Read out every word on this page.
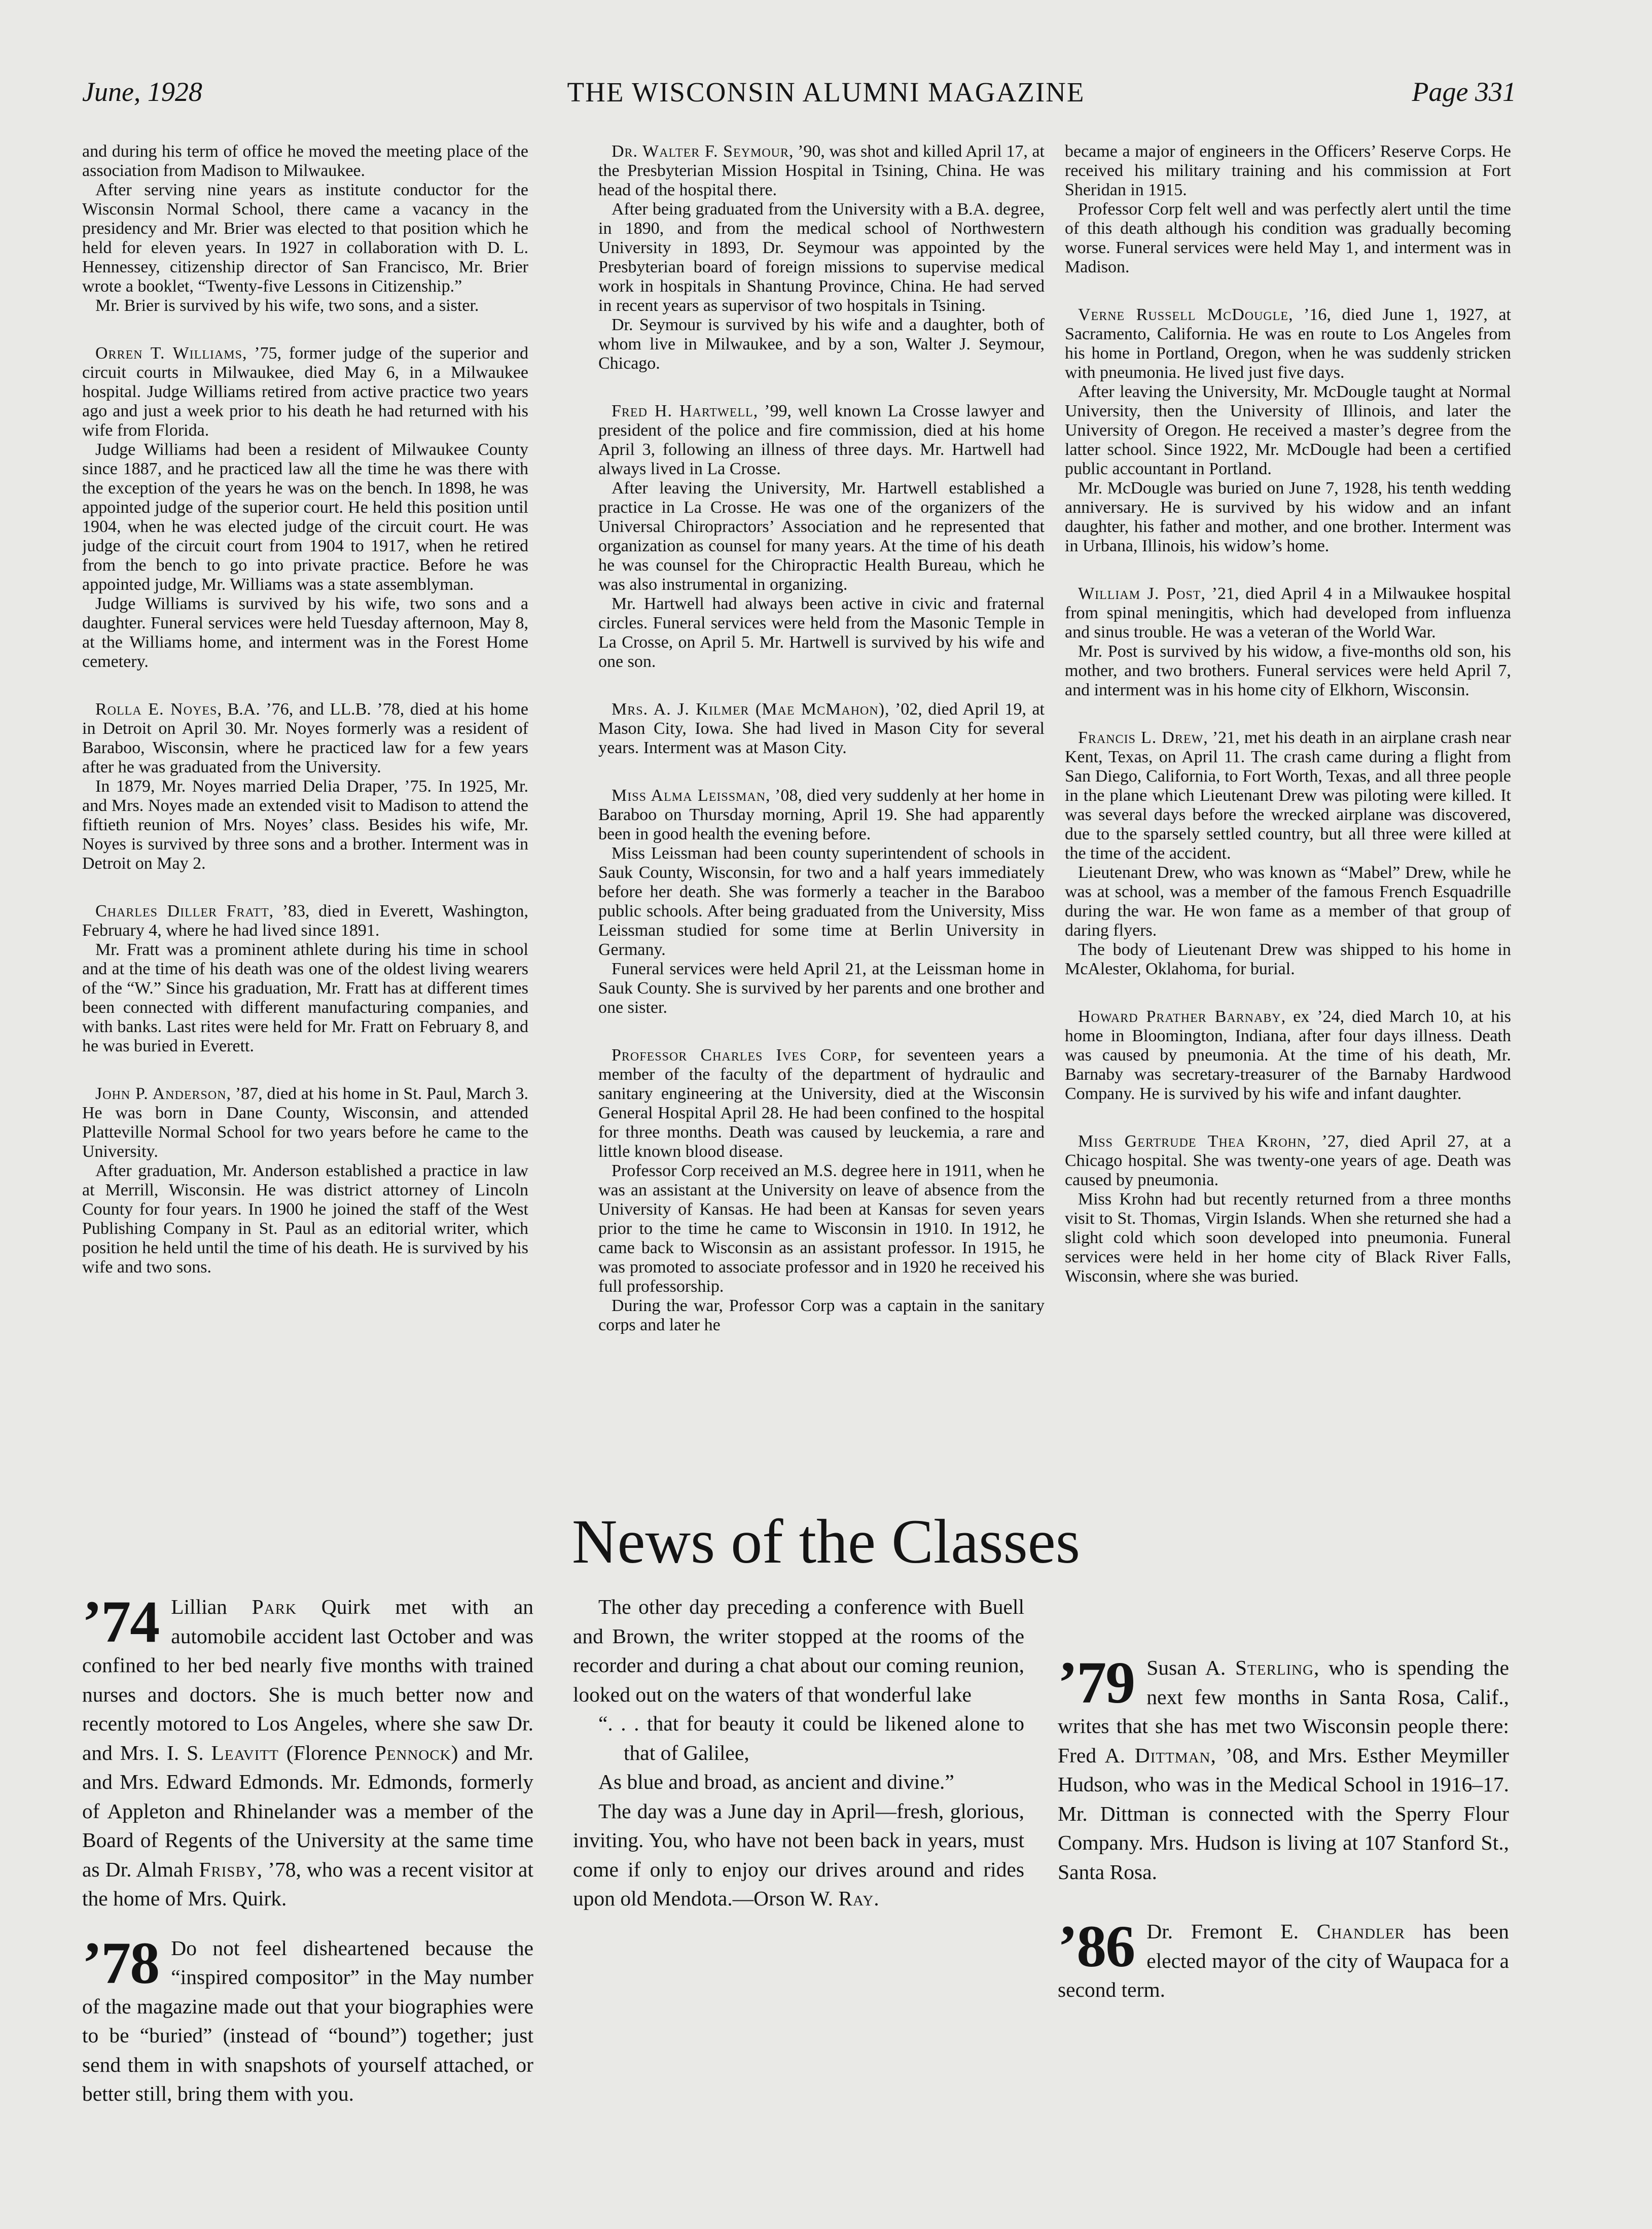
June, 1928	THE WISCONSIN ALUMNI MAGAZINE	Page 331

and during his term of office he moved the meeting place of the association from Madison to Milwaukee.

After serving nine years as institute conductor for the Wisconsin Normal School, there came a vacancy in the presidency and Mr. Brier was elected to that position which he held for eleven years. In 1927 in collaboration with D. L. Hennessey, citizenship director of San Francisco, Mr. Brier wrote a booklet, “Twenty-five Lessons in Citizenship.”

Mr. Brier is survived by his wife, two sons, and a sister.

Orren T. Williams, ’75, former judge of the superior and circuit courts in Milwaukee, died May 6, in a Milwaukee hospital. Judge Williams retired from active practice two years ago and just a week prior to his death he had returned with his wife from Florida.

Judge Williams had been a resident of Milwaukee County since 1887, and he practiced law all the time he was there with the exception of the years he was on the bench. In 1898, he was appointed judge of the superior court. He held this position until 1904, when he was elected judge of the circuit court. He was judge of the circuit court from 1904 to 1917, when he retired from the bench to go into private practice. Before he was appointed judge, Mr. Williams was a state assemblyman.

Judge Williams is survived by his wife, two sons and a daughter. Funeral services were held Tuesday afternoon, May 8, at the Williams home, and interment was in the Forest Home cemetery.

Rolla E. Noyes, B.A. ’76, and LL.B. ’78, died at his home in Detroit on April 30. Mr. Noyes formerly was a resident of Baraboo, Wisconsin, where he practiced law for a few years after he was graduated from the University.

In 1879, Mr. Noyes married Delia Draper, ’75. In 1925, Mr. and Mrs. Noyes made an extended visit to Madison to attend the fiftieth reunion of Mrs. Noyes’ class. Besides his wife, Mr. Noyes is survived by three sons and a brother. Interment was in Detroit on May 2.

Charles Diller Fratt, ’83, died in Everett, Washington, February 4, where he had lived since 1891.

Mr. Fratt was a prominent athlete during his time in school and at the time of his death was one of the oldest living wearers of the “W.” Since his graduation, Mr. Fratt has at different times been connected with different manufacturing companies, and with banks. Last rites were held for Mr. Fratt on February 8, and he was buried in Everett.

John P. Anderson, ’87, died at his home in St. Paul, March 3. He was born in Dane County, Wisconsin, and attended Platteville Normal School for two years before he came to the University.

After graduation, Mr. Anderson established a practice in law at Merrill, Wisconsin. He was district attorney of Lincoln County for four years. In 1900 he joined the staff of the West Publishing Company in St. Paul as an editorial writer, which position he held until the time of his death. He is survived by his wife and two sons.

Dr. Walter F. Seymour, ’90, was shot and killed April 17, at the Presbyterian Mission Hospital in Tsining, China. He was head of the hospital there.

After being graduated from the University with a B.A. degree, in 1890, and from the medical school of Northwestern University in 1893, Dr. Seymour was appointed by the Presbyterian board of foreign missions to supervise medical work in hospitals in Shantung Province, China. He had served in recent years as supervisor of two hospitals in Tsining.

Dr. Seymour is survived by his wife and a daughter, both of whom live in Milwaukee, and by a son, Walter J. Seymour, Chicago.

Fred H. Hartwell, ’99, well known La Crosse lawyer and president of the police and fire commission, died at his home April 3, following an illness of three days. Mr. Hartwell had always lived in La Crosse.

After leaving the University, Mr. Hartwell established a practice in La Crosse. He was one of the organizers of the Universal Chiropractors’ Association and he represented that organization as counsel for many years. At the time of his death he was counsel for the Chiropractic Health Bureau, which he was also instrumental in organizing.

Mr. Hartwell had always been active in civic and fraternal circles. Funeral services were held from the Masonic Temple in La Crosse, on April 5. Mr. Hartwell is survived by his wife and one son.

Mrs. A. J. Kilmer (Mae McMahon), ’02, died April 19, at Mason City, Iowa. She had lived in Mason City for several years. Interment was at Mason City.

Miss Alma Leissman, ’08, died very suddenly at her home in Baraboo on Thursday morning, April 19. She had apparently been in good health the evening before.

Miss Leissman had been county superintendent of schools in Sauk County, Wisconsin, for two and a half years immediately before her death. She was formerly a teacher in the Baraboo public schools. After being graduated from the University, Miss Leissman studied for some time at Berlin University in Germany.

Funeral services were held April 21, at the Leissman home in Sauk County. She is survived by her parents and one brother and one sister.

Professor Charles Ives Corp, for seventeen years a member of the faculty of the department of hydraulic and sanitary engineering at the University, died at the Wisconsin General Hospital April 28. He had been confined to the hospital for three months. Death was caused by leuckemia, a rare and little known blood disease.

Professor Corp received an M.S. degree here in 1911, when he was an assistant at the University on leave of absence from the University of Kansas. He had been at Kansas for seven years prior to the time he came to Wisconsin in 1910. In 1912, he came back to Wisconsin as an assistant professor. In 1915, he was promoted to associate professor and in 1920 he received his full professorship.

During the war, Professor Corp was a captain in the sanitary corps and later he

became a major of engineers in the Officers’ Reserve Corps. He received his military training and his commission at Fort Sheridan in 1915.

Professor Corp felt well and was perfectly alert until the time of this death although his condition was gradually becoming worse. Funeral services were held May 1, and interment was in Madison.

Verne Russell McDougle, ’16, died June 1, 1927, at Sacramento, California. He was en route to Los Angeles from his home in Portland, Oregon, when he was suddenly stricken with pneumonia. He lived just five days.

After leaving the University, Mr. McDougle taught at Normal University, then the University of Illinois, and later the University of Oregon. He received a master’s degree from the latter school. Since 1922, Mr. McDougle had been a certified public accountant in Portland.

Mr. McDougle was buried on June 7, 1928, his tenth wedding anniversary. He is survived by his widow and an infant daughter, his father and mother, and one brother. Interment was in Urbana, Illinois, his widow’s home.

William J. Post, ’21, died April 4 in a Milwaukee hospital from spinal meningitis, which had developed from influenza and sinus trouble. He was a veteran of the World War.

Mr. Post is survived by his widow, a five-months old son, his mother, and two brothers. Funeral services were held April 7, and interment was in his home city of Elkhorn, Wisconsin.

Francis L. Drew, ’21, met his death in an airplane crash near Kent, Texas, on April 11. The crash came during a flight from San Diego, California, to Fort Worth, Texas, and all three people in the plane which Lieutenant Drew was piloting were killed. It was several days before the wrecked airplane was discovered, due to the sparsely settled country, but all three were killed at the time of the accident.

Lieutenant Drew, who was known as “Mabel” Drew, while he was at school, was a member of the famous French Esquadrille during the war. He won fame as a member of that group of daring flyers.

The body of Lieutenant Drew was shipped to his home in McAlester, Oklahoma, for burial.

Howard Prather Barnaby, ex ’24, died March 10, at his home in Bloomington, Indiana, after four days illness. Death was caused by pneumonia. At the time of his death, Mr. Barnaby was secretary-treasurer of the Barnaby Hardwood Company. He is survived by his wife and infant daughter.

Miss Gertrude Thea Krohn, ’27, died April 27, at a Chicago hospital. She was twenty-one years of age. Death was caused by pneumonia.

Miss Krohn had but recently returned from a three months visit to St. Thomas, Virgin Islands. When she returned she had a slight cold which soon developed into pneumonia. Funeral services were held in her home city of Black River Falls, Wisconsin, where she was buried.

News of the Classes
’74 Lillian Park Quirk met with an automobile accident last October and was confined to her bed nearly five months with trained nurses and doctors. She is much better now and recently motored to Los Angeles, where she saw Dr. and Mrs. I. S. Leavitt (Florence Pennock) and Mr. and Mrs. Edward Edmonds. Mr. Edmonds, formerly of Appleton and Rhinelander was a member of the Board of Regents of the University at the same time as Dr. Almah Frisby, ’78, who was a recent visitor at the home of Mrs. Quirk.

’78 Do not feel disheartened because the “inspired compositor” in the May number of the magazine made out that your biographies were to be “buried” (instead of “bound”) together; just send them in with snapshots of yourself attached, or better still, bring them with you.

The other day preceding a conference with Buell and Brown, the writer stopped at the rooms of the recorder and during a chat about our coming reunion, looked out on the waters of that wonderful lake

“. . . that for beauty it could be likened alone to that of Galilee,
As blue and broad, as ancient and divine.”

The day was a June day in April—fresh, glorious, inviting. You, who have not been back in years, must come if only to enjoy our drives around and rides upon old Mendota.—Orson W. Ray.

’79 Susan A. Sterling, who is spending the next few months in Santa Rosa, Calif., writes that she has met two Wisconsin people there: Fred A. Dittman, ’08, and Mrs. Esther Meymiller Hudson, who was in the Medical School in 1916–17. Mr. Dittman is connected with the Sperry Flour Company. Mrs. Hudson is living at 107 Stanford St., Santa Rosa.

’86 Dr. Fremont E. Chandler has been elected mayor of the city of Waupaca for a second term.
